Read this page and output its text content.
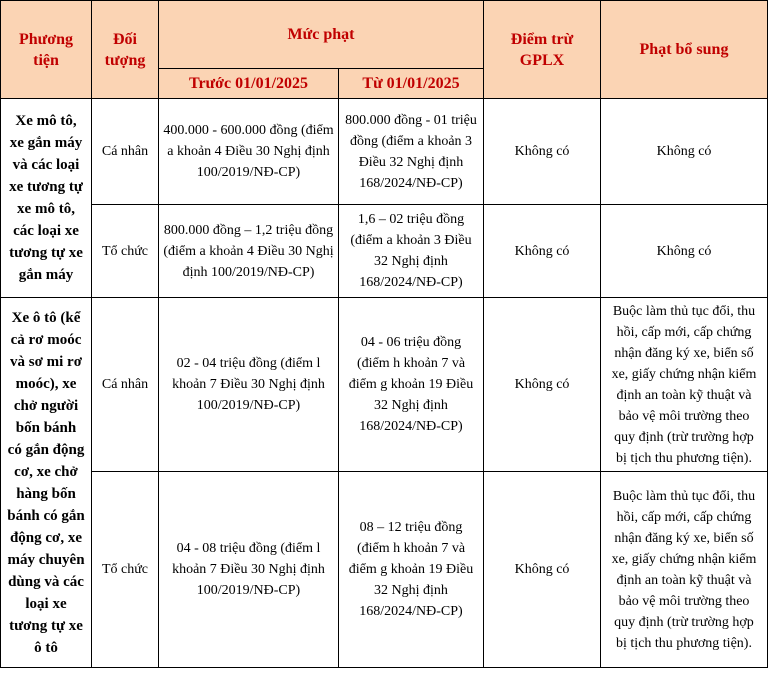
Phương tiện	Đối tượng	Mức phạt		Điểm trừ GPLX	Phạt bổ sung
		Trước 01/01/2025	Từ 01/01/2025		
Xe mô tô, xe gắn máy và các loại xe tương tự xe mô tô, các loại xe tương tự xe gắn máy	Cá nhân	400.000 - 600.000 đồng (điểm a khoản 4 Điều 30 Nghị định 100/2019/NĐ-CP)	800.000 đồng - 01 triệu đồng (điểm a khoản 3 Điều 32 Nghị định 168/2024/NĐ-CP)	Không có	Không có
	Tổ chức	800.000 đồng – 1,2 triệu đồng (điểm a khoản 4 Điều 30 Nghị định 100/2019/NĐ-CP)	1,6 – 02 triệu đồng (điểm a khoản 3 Điều 32 Nghị định 168/2024/NĐ-CP)	Không có	Không có
Xe ô tô (kể cả rơ moóc và sơ mi rơ moóc), xe chở người bốn bánh có gắn động cơ, xe chở hàng bốn bánh có gắn động cơ, xe máy chuyên dùng và các loại xe tương tự xe ô tô	Cá nhân	02 - 04 triệu đồng (điểm l khoản 7 Điều 30 Nghị định 100/2019/NĐ-CP)	04 - 06 triệu đồng (điểm h khoản 7 và điểm g khoản 19 Điều 32 Nghị định 168/2024/NĐ-CP)	Không có	Buộc làm thủ tục đổi, thu hồi, cấp mới, cấp chứng nhận đăng ký xe, biển số xe, giấy chứng nhận kiểm định an toàn kỹ thuật và bảo vệ môi trường theo quy định (trừ trường hợp bị tịch thu phương tiện).
	Tổ chức	04 - 08 triệu đồng (điểm l khoản 7 Điều 30 Nghị định 100/2019/NĐ-CP)	08 – 12 triệu đồng (điểm h khoản 7 và điểm g khoản 19 Điều 32 Nghị định 168/2024/NĐ-CP)	Không có	Buộc làm thủ tục đổi, thu hồi, cấp mới, cấp chứng nhận đăng ký xe, biển số xe, giấy chứng nhận kiểm định an toàn kỹ thuật và bảo vệ môi trường theo quy định (trừ trường hợp bị tịch thu phương tiện).
